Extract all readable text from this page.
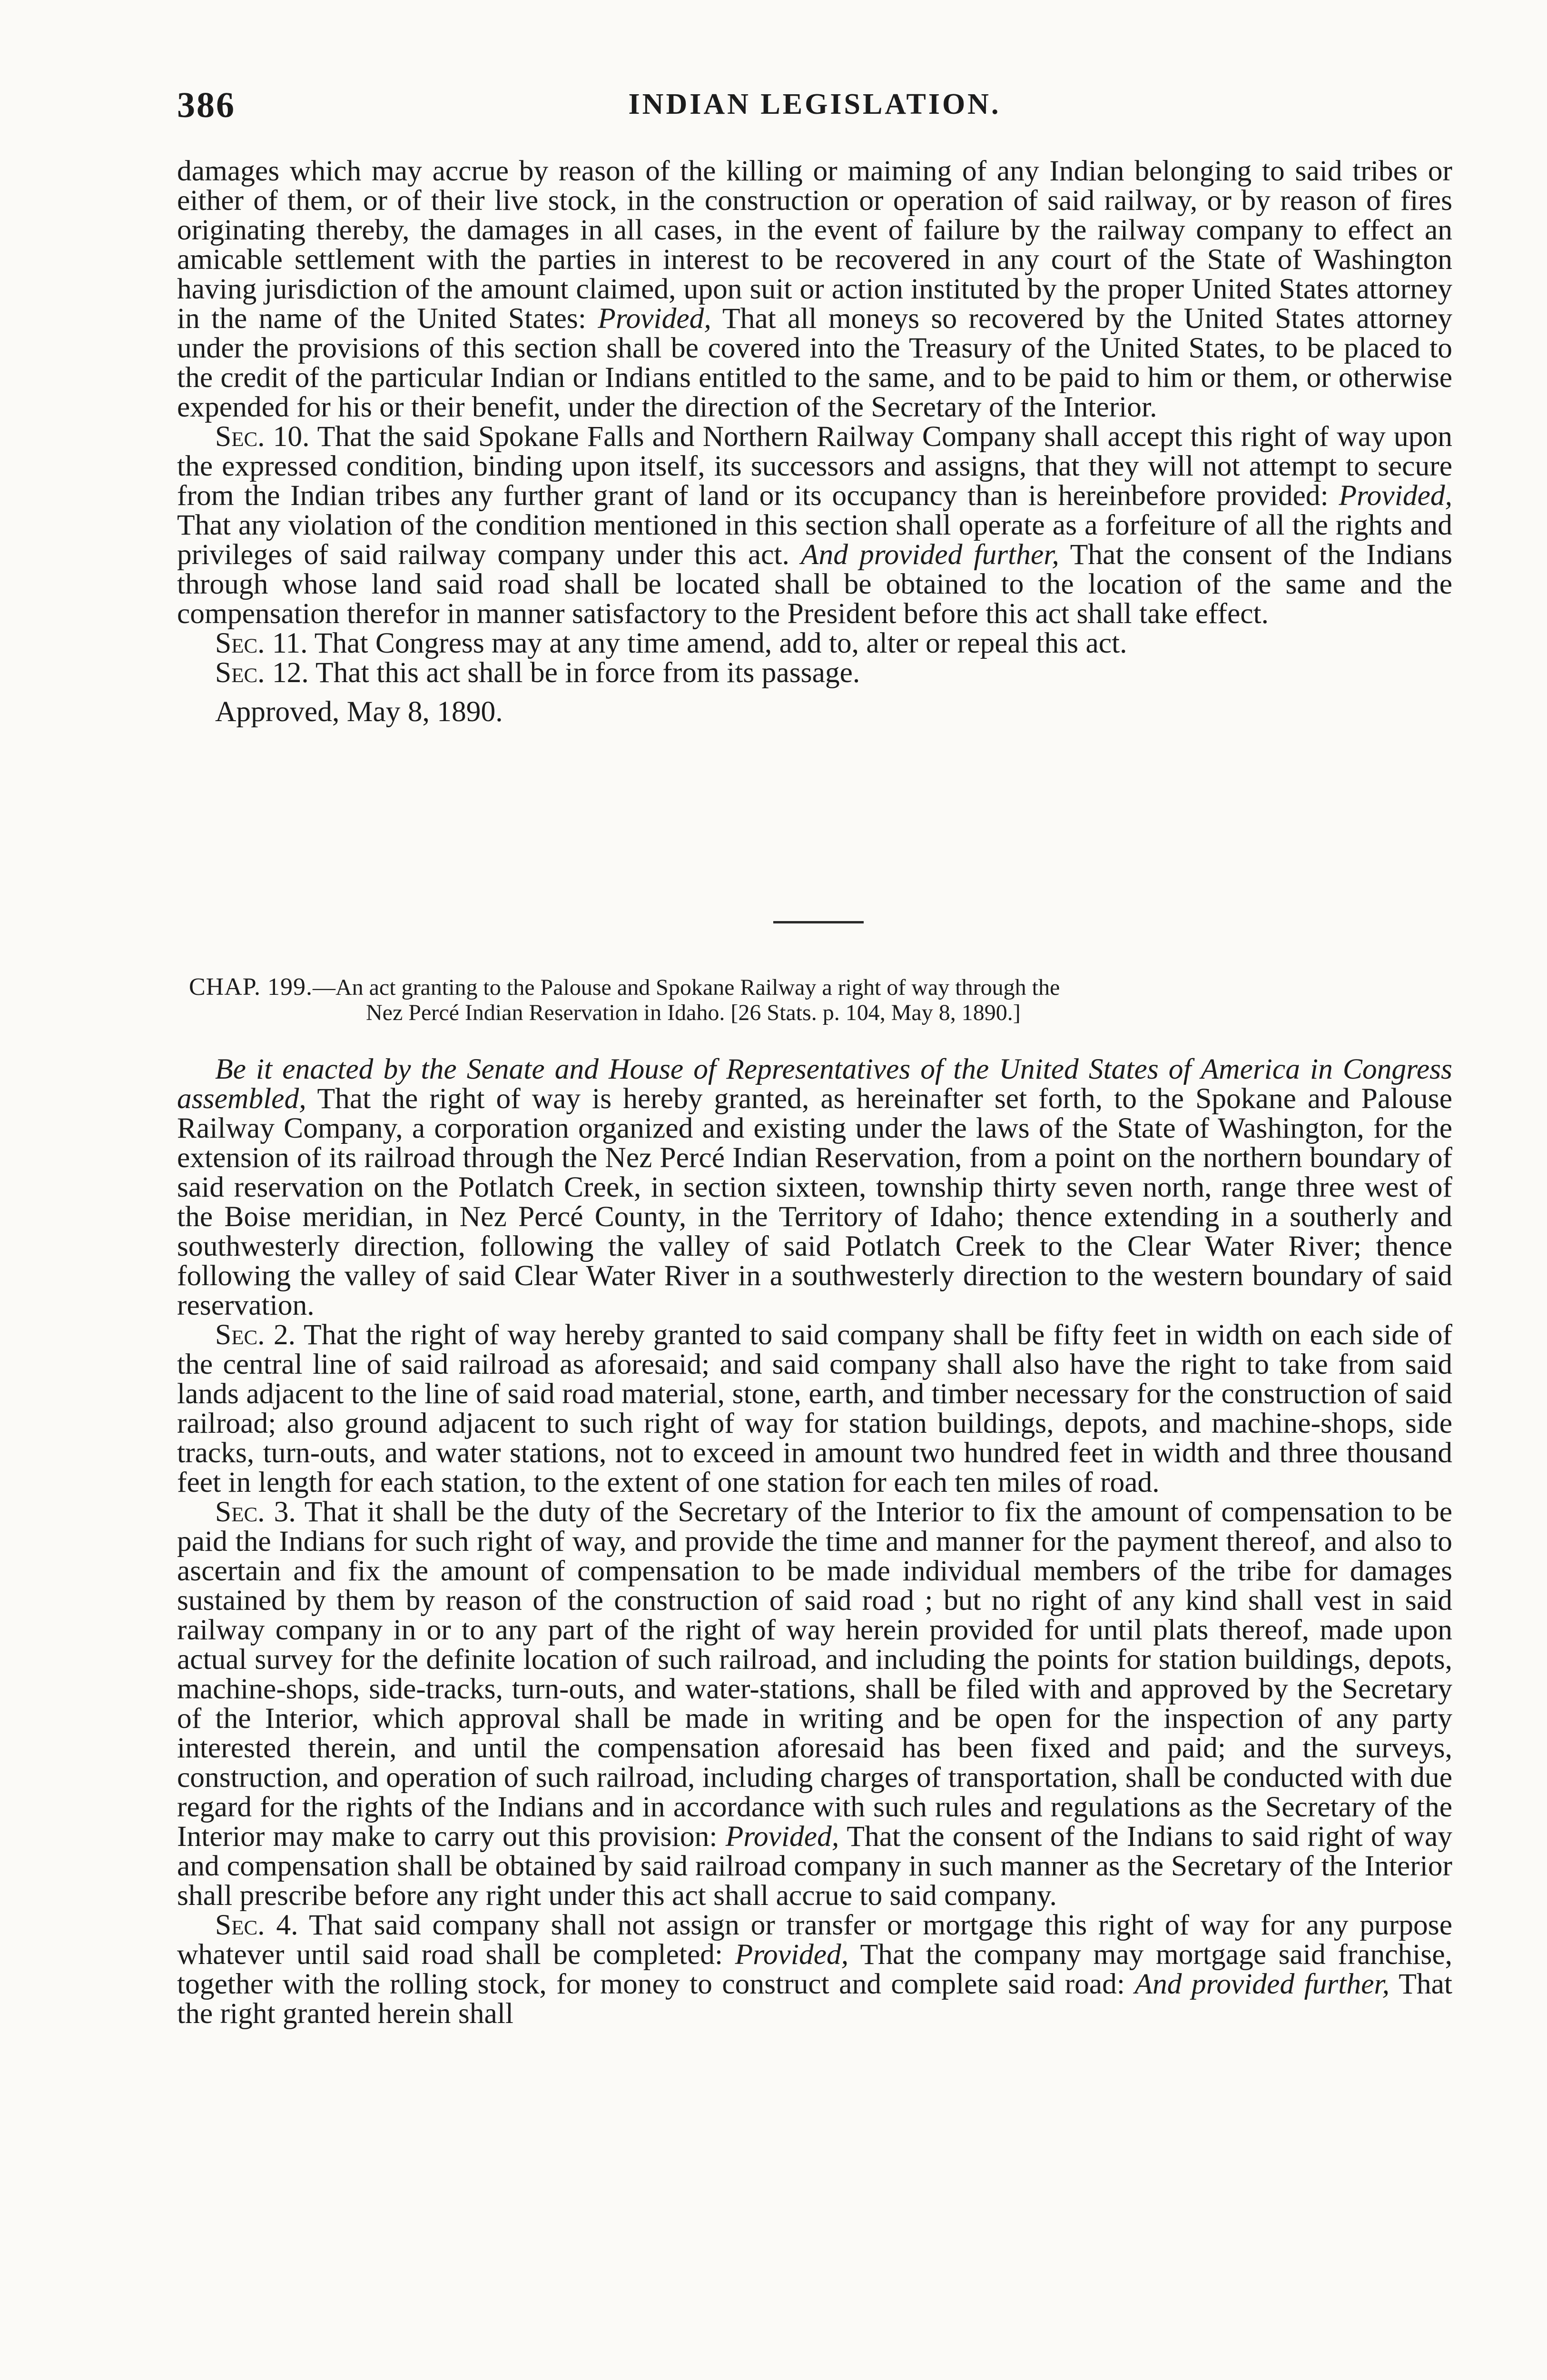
386	INDIAN LEGISLATION.

damages which may accrue by reason of the killing or maiming of any Indian belonging to said tribes or either of them, or of their live stock, in the construction or operation of said railway, or by reason of fires originating thereby, the damages in all cases, in the event of failure by the railway company to effect an amicable settlement with the parties in interest to be recovered in any court of the State of Washington having jurisdiction of the amount claimed, upon suit or action instituted by the proper United States attorney in the name of the United States: Provided, That all moneys so recovered by the United States attorney under the provisions of this section shall be covered into the Treasury of the United States, to be placed to the credit of the particular Indian or Indians entitled to the same, and to be paid to him or them, or otherwise expended for his or their benefit, under the direction of the Secretary of the Interior.

Sec. 10. That the said Spokane Falls and Northern Railway Company shall accept this right of way upon the expressed condition, binding upon itself, its successors and assigns, that they will not attempt to secure from the Indian tribes any further grant of land or its occupancy than is hereinbefore provided: Provided, That any violation of the condition mentioned in this section shall operate as a forfeiture of all the rights and privileges of said railway company under this act. And provided further, That the consent of the Indians through whose land said road shall be located shall be obtained to the location of the same and the compensation therefor in manner satisfactory to the President before this act shall take effect.

Sec. 11. That Congress may at any time amend, add to, alter or repeal this act.

Sec. 12. That this act shall be in force from its passage.

Approved, May 8, 1890.

CHAP. 199.—An act granting to the Palouse and Spokane Railway a right of way through the

Nez Percé Indian Reservation in Idaho. [26 Stats. p. 104, May 8, 1890.]

Be it enacted by the Senate and House of Representatives of the United States of America in Congress assembled, That the right of way is hereby granted, as hereinafter set forth, to the Spokane and Palouse Railway Company, a corporation organized and existing under the laws of the State of Washington, for the extension of its railroad through the Nez Percé Indian Reservation, from a point on the northern boundary of said reservation on the Potlatch Creek, in section sixteen, township thirty seven north, range three west of the Boise meridian, in Nez Percé County, in the Territory of Idaho; thence extending in a southerly and southwesterly direction, following the valley of said Potlatch Creek to the Clear Water River; thence following the valley of said Clear Water River in a southwesterly direction to the western boundary of said reservation.

Sec. 2. That the right of way hereby granted to said company shall be fifty feet in width on each side of the central line of said railroad as aforesaid; and said company shall also have the right to take from said lands adjacent to the line of said road material, stone, earth, and timber necessary for the construction of said railroad; also ground adjacent to such right of way for station buildings, depots, and machine-shops, side tracks, turn-outs, and water stations, not to exceed in amount two hundred feet in width and three thousand feet in length for each station, to the extent of one station for each ten miles of road.

Sec. 3. That it shall be the duty of the Secretary of the Interior to fix the amount of compensation to be paid the Indians for such right of way, and provide the time and manner for the payment thereof, and also to ascertain and fix the amount of compensation to be made individual members of the tribe for damages sustained by them by reason of the construction of said road ; but no right of any kind shall vest in said railway company in or to any part of the right of way herein provided for until plats thereof, made upon actual survey for the definite location of such railroad, and including the points for station buildings, depots, machine-shops, side-tracks, turn-outs, and water-stations, shall be filed with and approved by the Secretary of the Interior, which approval shall be made in writing and be open for the inspection of any party interested therein, and until the compensation aforesaid has been fixed and paid; and the surveys, construction, and operation of such railroad, including charges of transportation, shall be conducted with due regard for the rights of the Indians and in accordance with such rules and regulations as the Secretary of the Interior may make to carry out this provision: Provided, That the consent of the Indians to said right of way and compensation shall be obtained by said railroad company in such manner as the Secretary of the Interior shall prescribe before any right under this act shall accrue to said company.

Sec. 4. That said company shall not assign or transfer or mortgage this right of way for any purpose whatever until said road shall be completed: Provided, That the company may mortgage said franchise, together with the rolling stock, for money to construct and complete said road: And provided further, That the right granted herein shall
